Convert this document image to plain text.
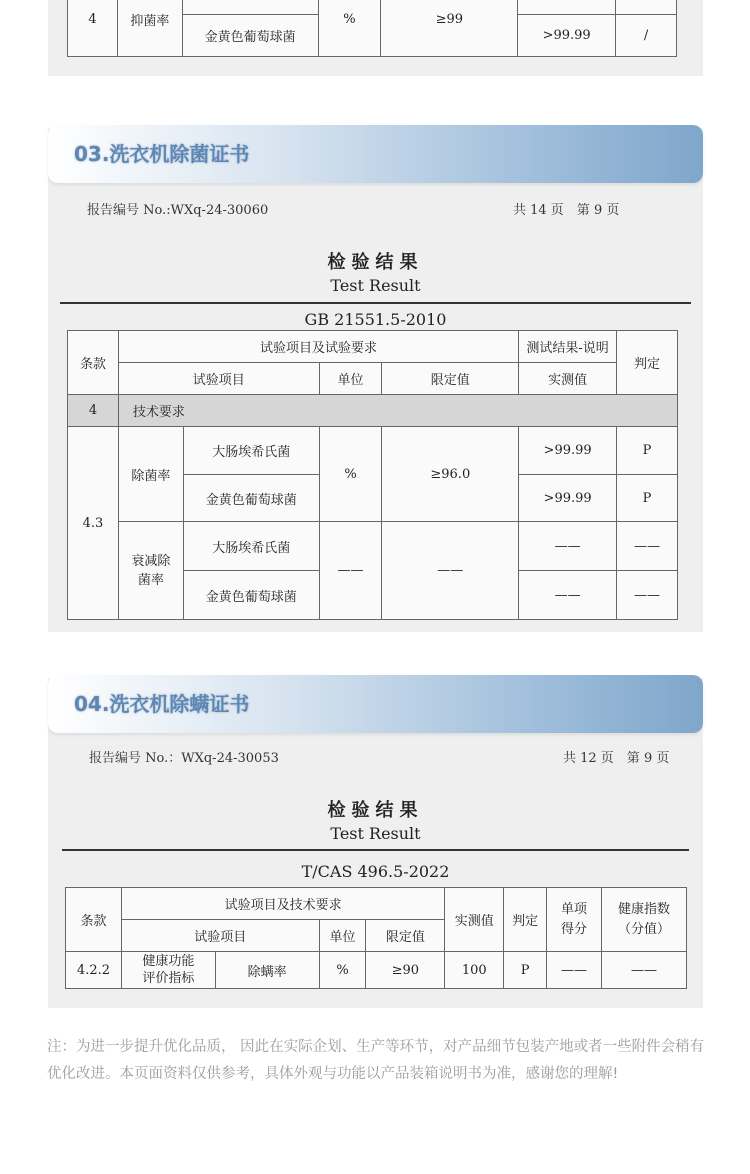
4	抑菌率		%	≥99		
		金黄色葡萄球菌			>99.99	/
03.洗衣机除菌证书
报告编号 No.:WXq-24-30060	共 14 页　第 9 页
检验结果
Test Result
GB 21551.5-2010
条款	试验项目及试验要求				测试结果-说明	判定
	试验项目		单位	限定值	实测值	
4	技术要求					
4.3	除菌率	大肠埃希氏菌	%	≥96.0	>99.99	P
		金黄色葡萄球菌			>99.99	P
	衰减除菌率	大肠埃希氏菌	——	——	——	——
		金黄色葡萄球菌			——	——
04.洗衣机除螨证书
报告编号 No.：WXq-24-30053	共 12 页　第 9 页
检验结果
Test Result
T/CAS 496.5-2022
条款	试验项目及技术要求				实测值	判定	单项得分	健康指数（分值）
	试验项目		单位	限定值				
4.2.2	健康功能评价指标	除螨率	%	≥90	100	P	——	——
注：为进一步提升优化品质， 因此在实际企划、生产等环节，对产品细节包装产地或者一些附件会稍有优化改进。本页面资料仅供参考，具体外观与功能以产品装箱说明书为准，感谢您的理解!
